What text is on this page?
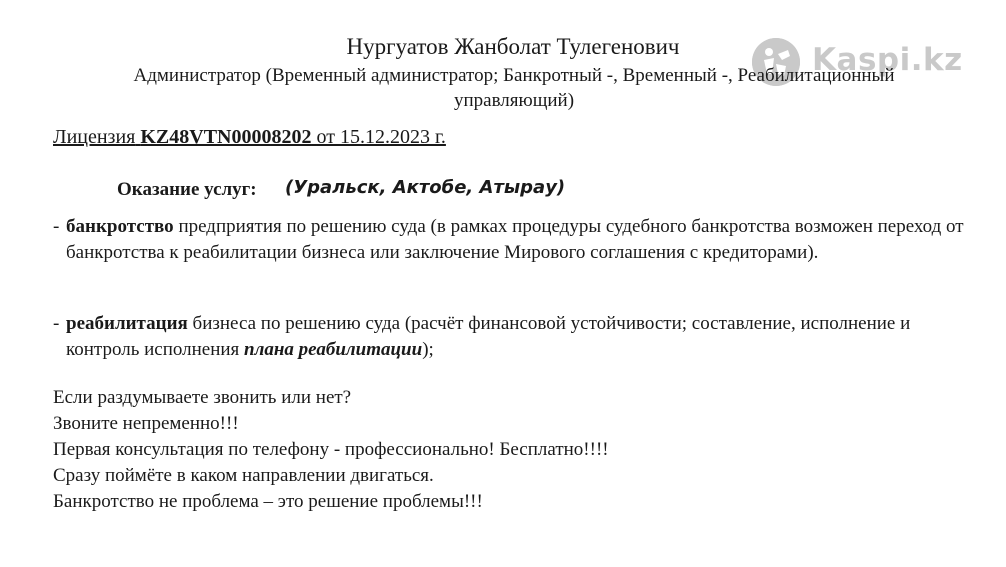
Kaspi.kz
Нургуатов Жанболат Тулегенович
Администратор (Временный администратор; Банкротный -, Временный -, Реабилитационный управляющий)
Лицензия KZ48VTN00008202 от 15.12.2023 г.
Оказание услуг: (Уральск, Актобе, Атырау)
- банкротство предприятия по решению суда (в рамках процедуры судебного банкротства возможен переход от банкротства к реабилитации бизнеса или заключение Мирового соглашения с кредиторами).
- реабилитация бизнеса по решению суда (расчёт финансовой устойчивости; составление, исполнение и контроль исполнения плана реабилитации);
Если раздумываете звонить или нет?
Звоните непременно!!!
Первая консультация по телефону - профессионально! Бесплатно!!!!
Сразу поймёте в каком направлении двигаться.
Банкротство не проблема – это решение проблемы!!!
